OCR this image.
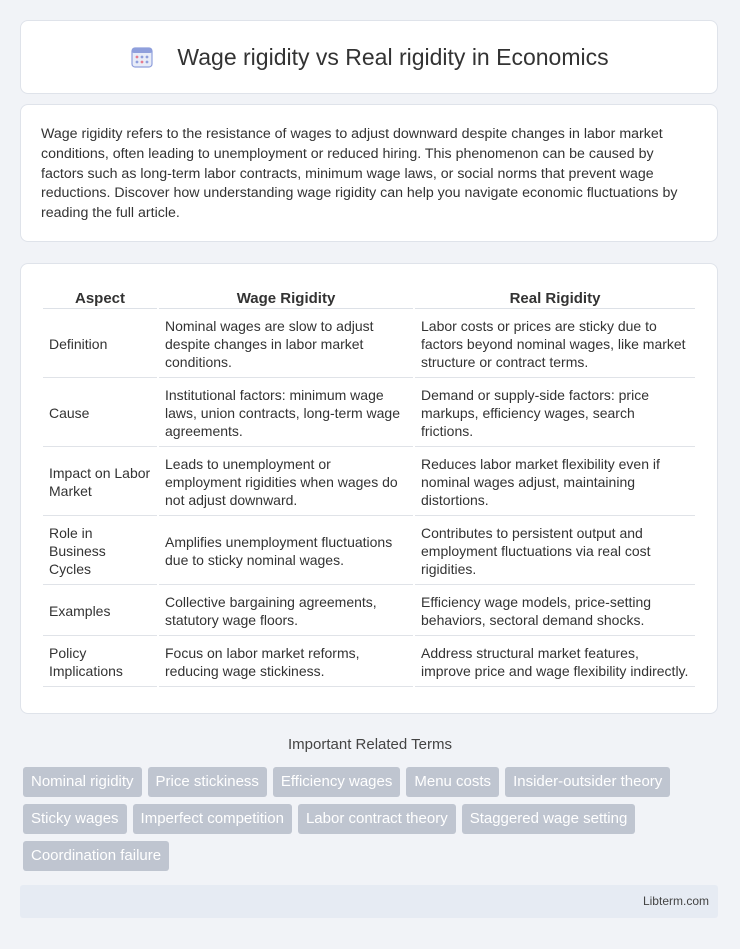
Wage rigidity vs Real rigidity in Economics

Wage rigidity refers to the resistance of wages to adjust downward despite changes in labor market conditions, often leading to unemployment or reduced hiring. This phenomenon can be caused by factors such as long-term labor contracts, minimum wage laws, or social norms that prevent wage reductions. Discover how understanding wage rigidity can help you navigate economic fluctuations by reading the full article.

Aspect	Wage Rigidity	Real Rigidity
Definition	Nominal wages are slow to adjust despite changes in labor market conditions.	Labor costs or prices are sticky due to factors beyond nominal wages, like market structure or contract terms.
Cause	Institutional factors: minimum wage laws, union contracts, long-term wage agreements.	Demand or supply-side factors: price markups, efficiency wages, search frictions.
Impact on Labor Market	Leads to unemployment or employment rigidities when wages do not adjust downward.	Reduces labor market flexibility even if nominal wages adjust, maintaining distortions.
Role in Business Cycles	Amplifies unemployment fluctuations due to sticky nominal wages.	Contributes to persistent output and employment fluctuations via real cost rigidities.
Examples	Collective bargaining agreements, statutory wage floors.	Efficiency wage models, price-setting behaviors, sectoral demand shocks.
Policy Implications	Focus on labor market reforms, reducing wage stickiness.	Address structural market features, improve price and wage flexibility indirectly.
Important Related Terms
Nominal rigidity	Price stickiness	Efficiency wages	Menu costs	Insider-outsider theory
Sticky wages	Imperfect competition	Labor contract theory	Staggered wage setting
Coordination failure
Libterm.com
